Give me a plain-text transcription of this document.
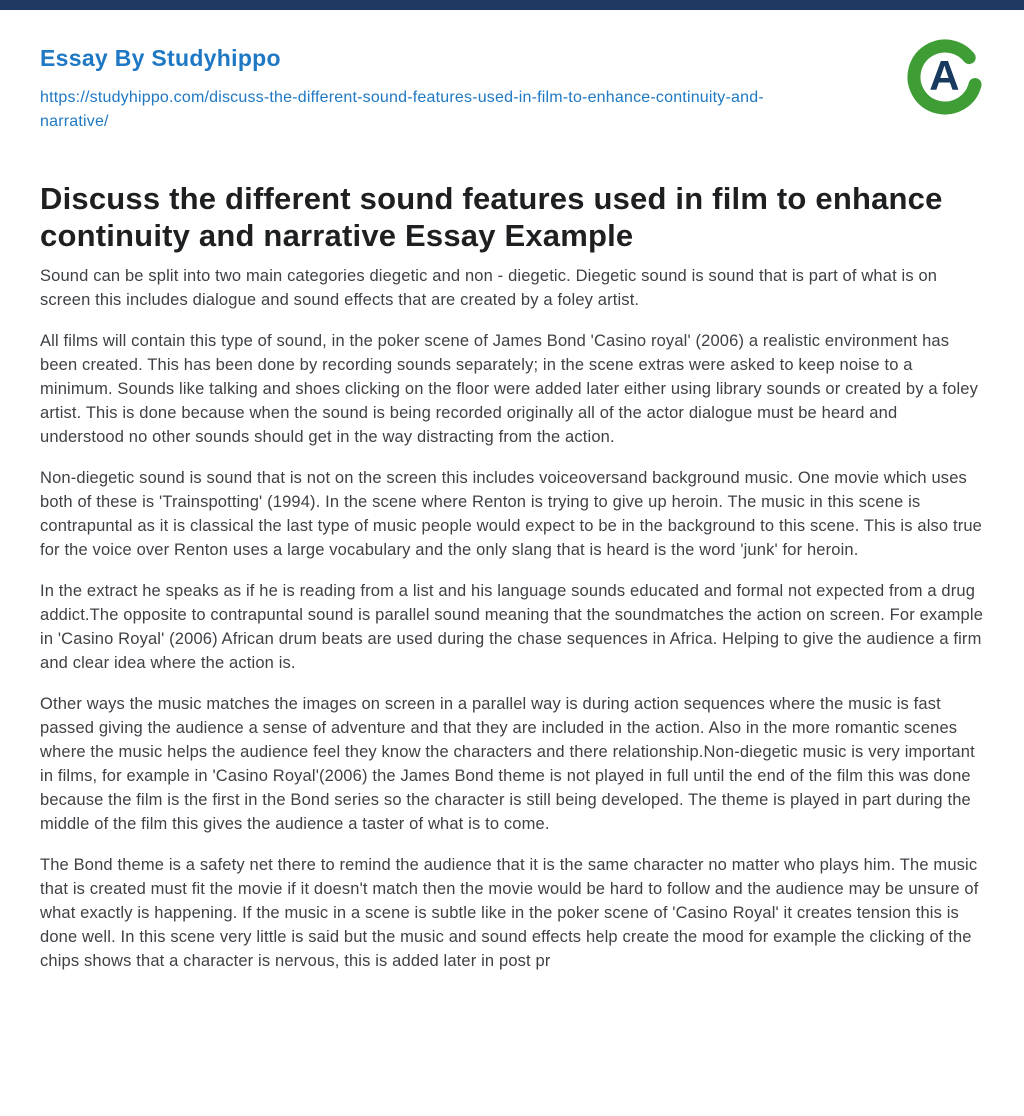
Essay By Studyhippo
https://studyhippo.com/discuss-the-different-sound-features-used-in-film-to-enhance-continuity-and-narrative/
A
Discuss the different sound features used in film to enhance continuity and narrative Essay Example

Sound can be split into two main categories diegetic and non - diegetic. Diegetic sound is sound that is part of what is on screen this includes dialogue and sound effects that are created by a foley artist.

All films will contain this type of sound, in the poker scene of James Bond 'Casino royal' (2006) a realistic environment has been created. This has been done by recording sounds separately; in the scene extras were asked to keep noise to a minimum. Sounds like talking and shoes clicking on the floor were added later either using library sounds or created by a foley artist. This is done because when the sound is being recorded originally all of the actor dialogue must be heard and understood no other sounds should get in the way distracting from the action.

Non-diegetic sound is sound that is not on the screen this includes voiceoversand background music. One movie which uses both of these is 'Trainspotting' (1994). In the scene where Renton is trying to give up heroin. The music in this scene is contrapuntal as it is classical the last type of music people would expect to be in the background to this scene. This is also true for the voice over Renton uses a large vocabulary and the only slang that is heard is the word 'junk' for heroin.

In the extract he speaks as if he is reading from a list and his language sounds educated and formal not expected from a drug addict.The opposite to contrapuntal sound is parallel sound meaning that the soundmatches the action on screen. For example in 'Casino Royal' (2006) African drum beats are used during the chase sequences in Africa. Helping to give the audience a firm and clear idea where the action is.

Other ways the music matches the images on screen in a parallel way is during action sequences where the music is fast passed giving the audience a sense of adventure and that they are included in the action. Also in the more romantic scenes where the music helps the audience feel they know the characters and there relationship.Non-diegetic music is very important in films, for example in 'Casino Royal'(2006) the James Bond theme is not played in full until the end of the film this was done because the film is the first in the Bond series so the character is still being developed. The theme is played in part during the middle of the film this gives the audience a taster of what is to come.

The Bond theme is a safety net there to remind the audience that it is the same character no matter who plays him. The music that is created must fit the movie if it doesn't match then the movie would be hard to follow and the audience may be unsure of what exactly is happening. If the music in a scene is subtle like in the poker scene of 'Casino Royal' it creates tension this is done well. In this scene very little is said but the music and sound effects help create the mood for example the clicking of the chips shows that a character is nervous, this is added later in post pr
